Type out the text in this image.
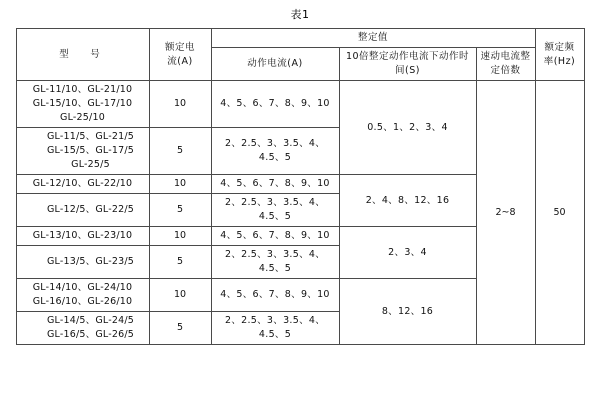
表1
型　号	额定电
流(A)	整定值			额定频
率(Hz)

		动作电流(A)	10倍整定动作电流下动作时间(S)	速动电流整定倍数	

GL-11/10、GL-21/10
GL-15/10、GL-17/10
GL-25/10	10	4、5、6、7、8、9、10	0.5、1、2、3、4	2~8	50

GL-11/5、GL-21/5
GL-15/5、GL-17/5
GL-25/5	5	2、2.5、3、3.5、4、4.5、5			

GL-12/10、GL-22/10	10	4、5、6、7、8、9、10	2、4、8、12、16		

GL-12/5、GL-22/5	5	2、2.5、3、3.5、4、4.5、5			

GL-13/10、GL-23/10	10	4、5、6、7、8、9、10	2、3、4		

GL-13/5、GL-23/5	5	2、2.5、3、3.5、4、4.5、5			

GL-14/10、GL-24/10
GL-16/10、GL-26/10	10	4、5、6、7、8、9、10	8、12、16		

GL-14/5、GL-24/5
GL-16/5、GL-26/5	5	2、2.5、3、3.5、4、4.5、5			
